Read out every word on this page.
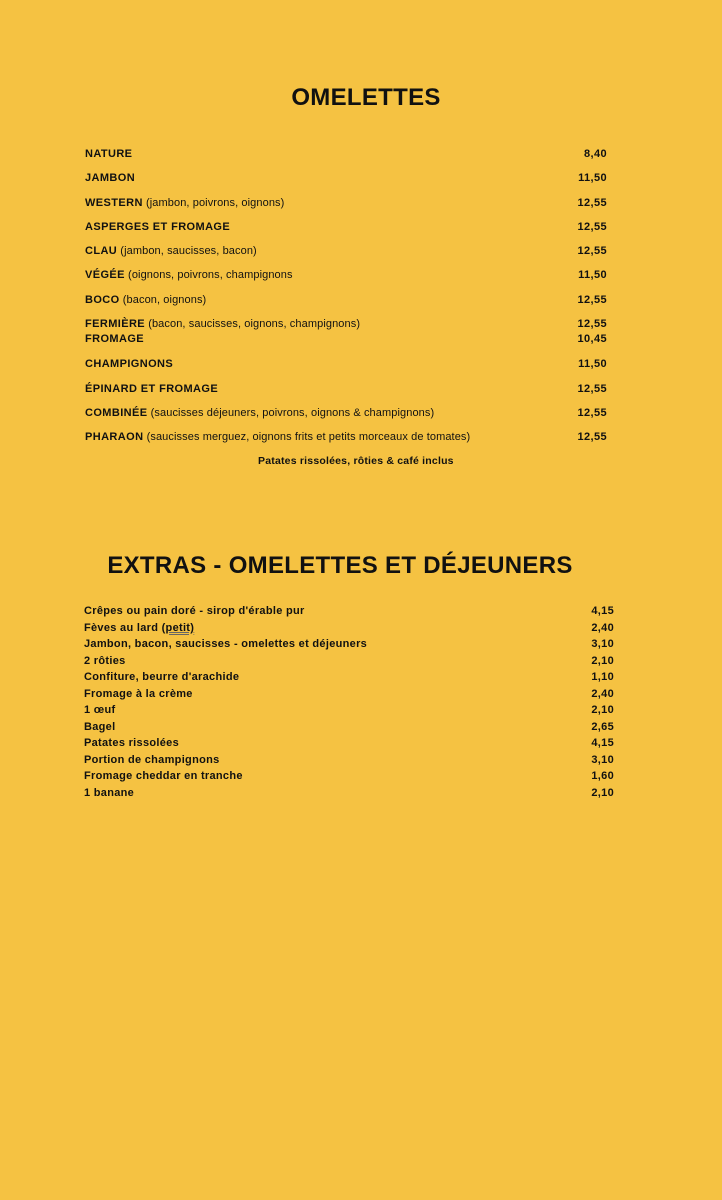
OMELETTES
NATURE	8,40
JAMBON	11,50
WESTERN (jambon, poivrons, oignons)	12,55
ASPERGES ET FROMAGE	12,55
CLAU (jambon, saucisses, bacon)	12,55
VÉGÉE (oignons, poivrons, champignons	11,50
BOCO (bacon, oignons)	12,55
FERMIÈRE (bacon, saucisses, oignons, champignons)	12,55
FROMAGE	10,45
CHAMPIGNONS	11,50
ÉPINARD ET FROMAGE	12,55
COMBINÉE (saucisses déjeuners, poivrons, oignons & champignons)	12,55
PHARAON (saucisses merguez, oignons frits et petits morceaux de tomates)	12,55
Patates rissolées, rôties & café inclus
EXTRAS - OMELETTES ET DÉJEUNERS
Crêpes ou pain doré - sirop d'érable pur	4,15
Fèves au lard (petit)	2,40
Jambon, bacon, saucisses - omelettes et déjeuners	3,10
2 rôties	2,10
Confiture, beurre d'arachide	1,10
Fromage à la crème	2,40
1 œuf	2,10
Bagel	2,65
Patates rissolées	4,15
Portion de champignons	3,10
Fromage cheddar en tranche	1,60
1 banane	2,10
